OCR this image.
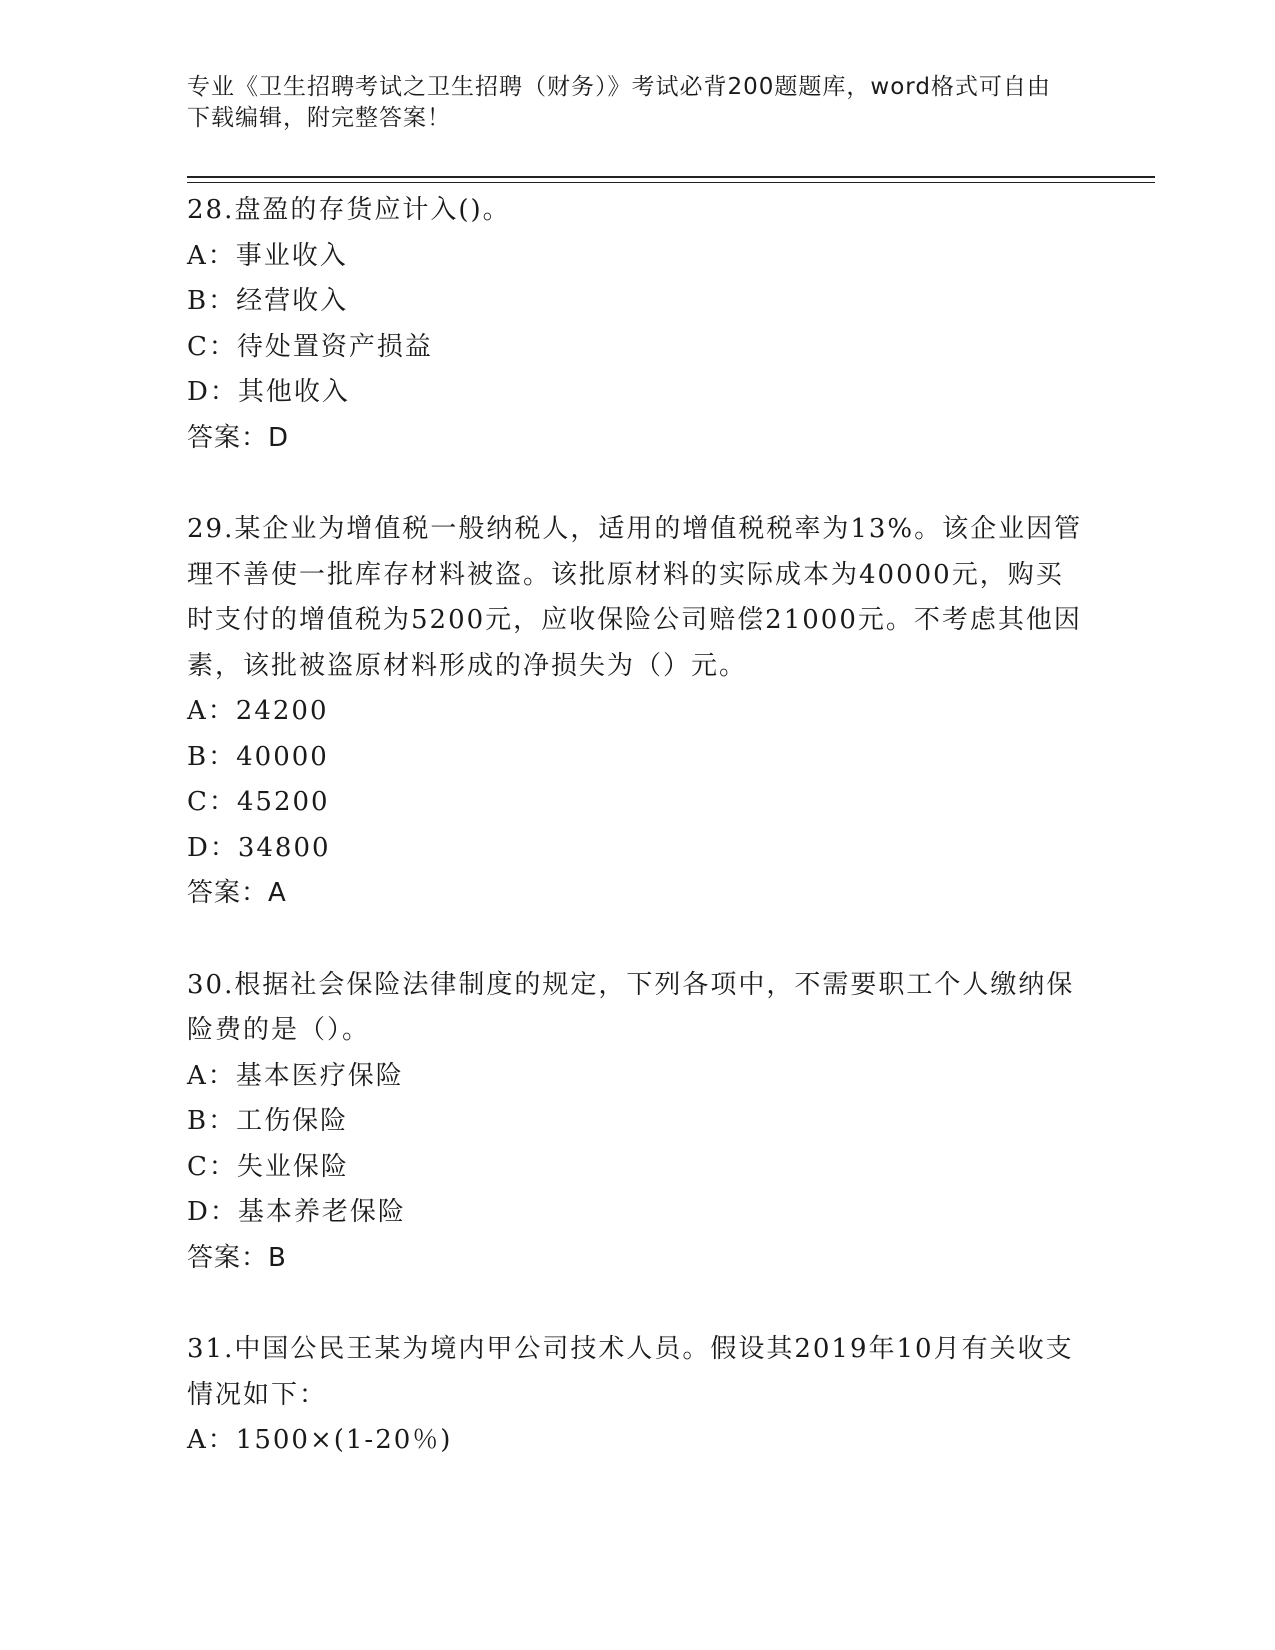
专业《卫生招聘考试之卫生招聘（财务）》考试必背200题题库，word格式可自由下载编辑，附完整答案！

28.盘盈的存货应计入()。

A：事业收入

B：经营收入

C：待处置资产损益

D：其他收入

答案：D

29.某企业为增值税一般纳税人，适用的增值税税率为13%。该企业因管理不善使一批库存材料被盗。该批原材料的实际成本为40000元，购买时支付的增值税为5200元，应收保险公司赔偿21000元。不考虑其他因素，该批被盗原材料形成的净损失为（）元。

A：24200

B：40000

C：45200

D：34800

答案：A

30.根据社会保险法律制度的规定，下列各项中，不需要职工个人缴纳保险费的是（）。

A：基本医疗保险

B：工伤保险

C：失业保险

D：基本养老保险

答案：B

31.中国公民王某为境内甲公司技术人员。假设其2019年10月有关收支情况如下：

A：1500×(1-20％)
